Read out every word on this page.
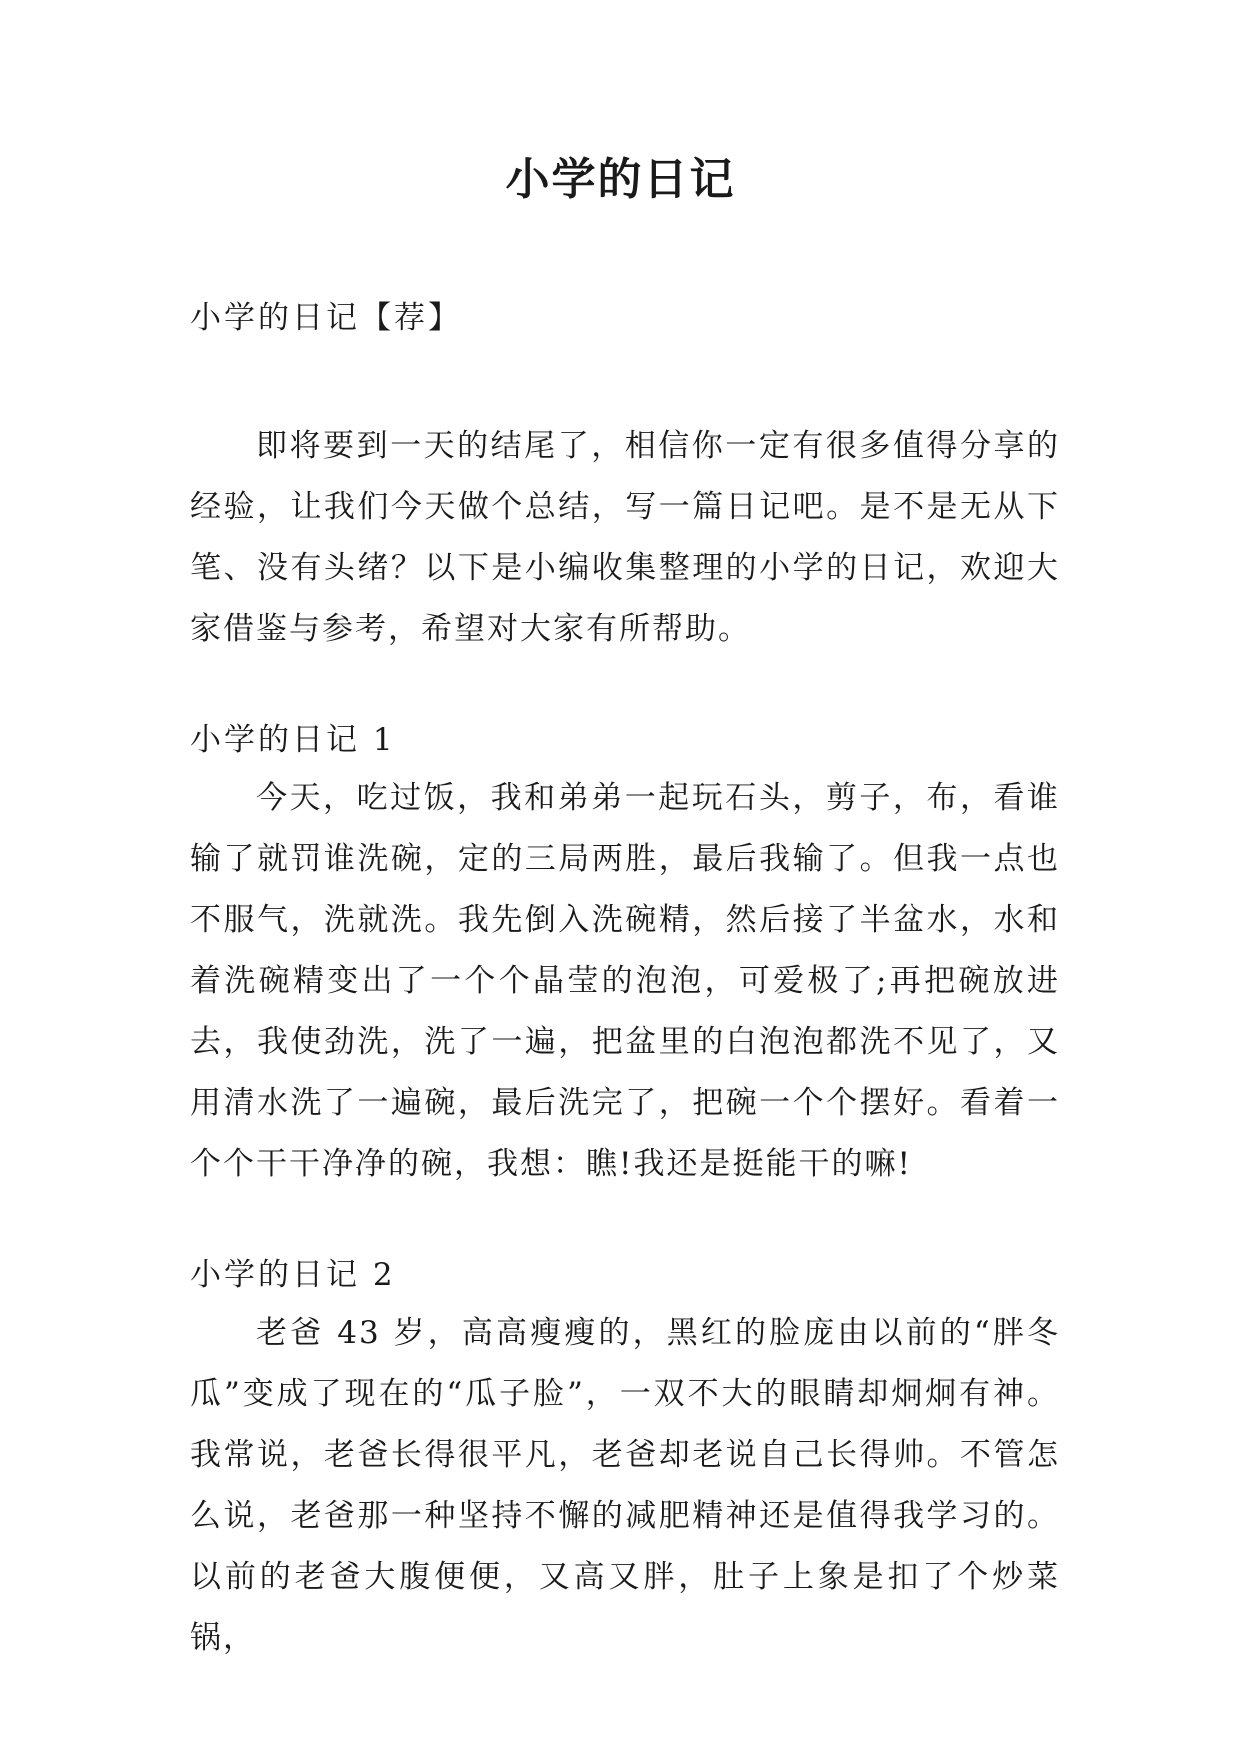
小学的日记

小学的日记【荐】

即将要到一天的结尾了，相信你一定有很多值得分享的经验，让我们今天做个总结，写一篇日记吧。是不是无从下笔、没有头绪？以下是小编收集整理的小学的日记，欢迎大家借鉴与参考，希望对大家有所帮助。

小学的日记 1

今天，吃过饭，我和弟弟一起玩石头，剪子，布，看谁输了就罚谁洗碗，定的三局两胜，最后我输了。但我一点也不服气，洗就洗。我先倒入洗碗精，然后接了半盆水，水和着洗碗精变出了一个个晶莹的泡泡，可爱极了;再把碗放进去，我使劲洗，洗了一遍，把盆里的白泡泡都洗不见了，又用清水洗了一遍碗，最后洗完了，把碗一个个摆好。看着一个个干干净净的碗，我想：瞧!我还是挺能干的嘛!

小学的日记 2

老爸 43 岁，高高瘦瘦的，黑红的脸庞由以前的“胖冬瓜”变成了现在的“瓜子脸”，一双不大的眼睛却炯炯有神。我常说，老爸长得很平凡，老爸却老说自己长得帅。不管怎么说，老爸那一种坚持不懈的减肥精神还是值得我学习的。以前的老爸大腹便便，又高又胖，肚子上象是扣了个炒菜锅，
